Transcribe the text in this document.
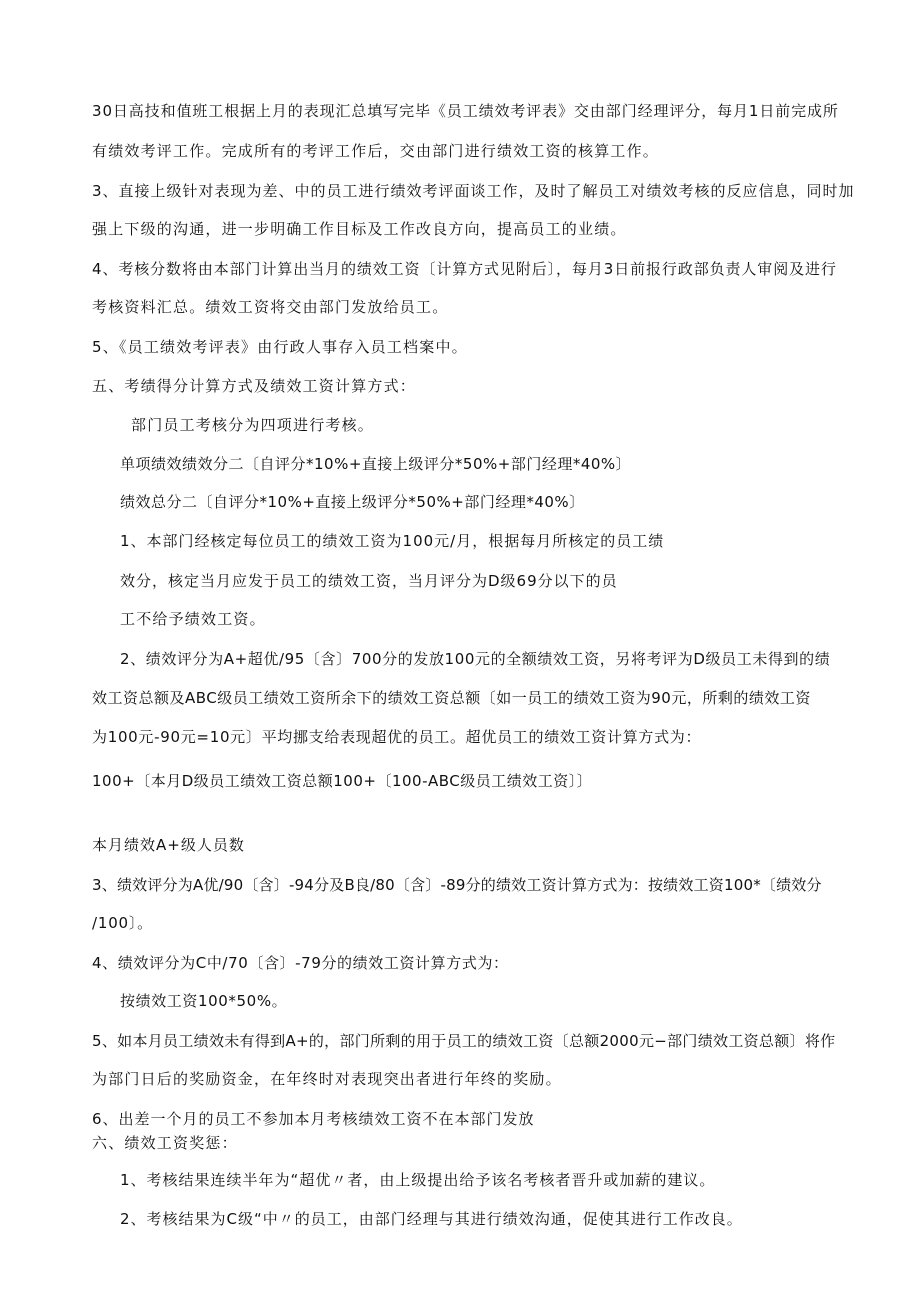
30日高技和值班工根据上月的表现汇总填写完毕《员工绩效考评表》交由部门经理评分，每月1日前完成所
有绩效考评工作。完成所有的考评工作后，交由部门进行绩效工资的核算工作。
3、直接上级针对表现为差、中的员工进行绩效考评面谈工作，及时了解员工对绩效考核的反应信息，同时加
强上下级的沟通，进一步明确工作目标及工作改良方向，提高员工的业绩。
4、考核分数将由本部门计算出当月的绩效工资〔计算方式见附后〕，每月3日前报行政部负责人审阅及进行
考核资料汇总。绩效工资将交由部门发放给员工。
5、《员工绩效考评表》由行政人事存入员工档案中。
五、考绩得分计算方式及绩效工资计算方式：
部门员工考核分为四项进行考核。
单项绩效绩效分二〔自评分*10%+直接上级评分*50%+部门经理*40%〕
绩效总分二〔自评分*10%+直接上级评分*50%+部门经理*40%〕
1、本部门经核定每位员工的绩效工资为100元/月，根据每月所核定的员工绩
效分，核定当月应发于员工的绩效工资，当月评分为D级69分以下的员
工不给予绩效工资。
2、绩效评分为A+超优/95〔含〕700分的发放100元的全额绩效工资，另将考评为D级员工未得到的绩
效工资总额及ABC级员工绩效工资所余下的绩效工资总额〔如一员工的绩效工资为90元，所剩的绩效工资
为100元-90元=10元〕平均挪支给表现超优的员工。超优员工的绩效工资计算方式为：
100+〔本月D级员工绩效工资总额100+〔100-ABC级员工绩效工资〕〕
本月绩效A+级人员数
3、绩效评分为A优/90〔含〕-94分及B良/80〔含〕-89分的绩效工资计算方式为：按绩效工资100*〔绩效分
/100〕。
4、绩效评分为C中/70〔含〕-79分的绩效工资计算方式为：
按绩效工资100*50%。
5、如本月员工绩效未有得到A+的，部门所剩的用于员工的绩效工资〔总额2000元−部门绩效工资总额〕将作
为部门日后的奖励资金，在年终时对表现突出者进行年终的奖励。
6、出差一个月的员工不参加本月考核绩效工资不在本部门发放
六、绩效工资奖惩：
1、考核结果连续半年为“超优〃者，由上级提出给予该名考核者晋升或加薪的建议。
2、考核结果为C级“中〃的员工，由部门经理与其进行绩效沟通，促使其进行工作改良。
